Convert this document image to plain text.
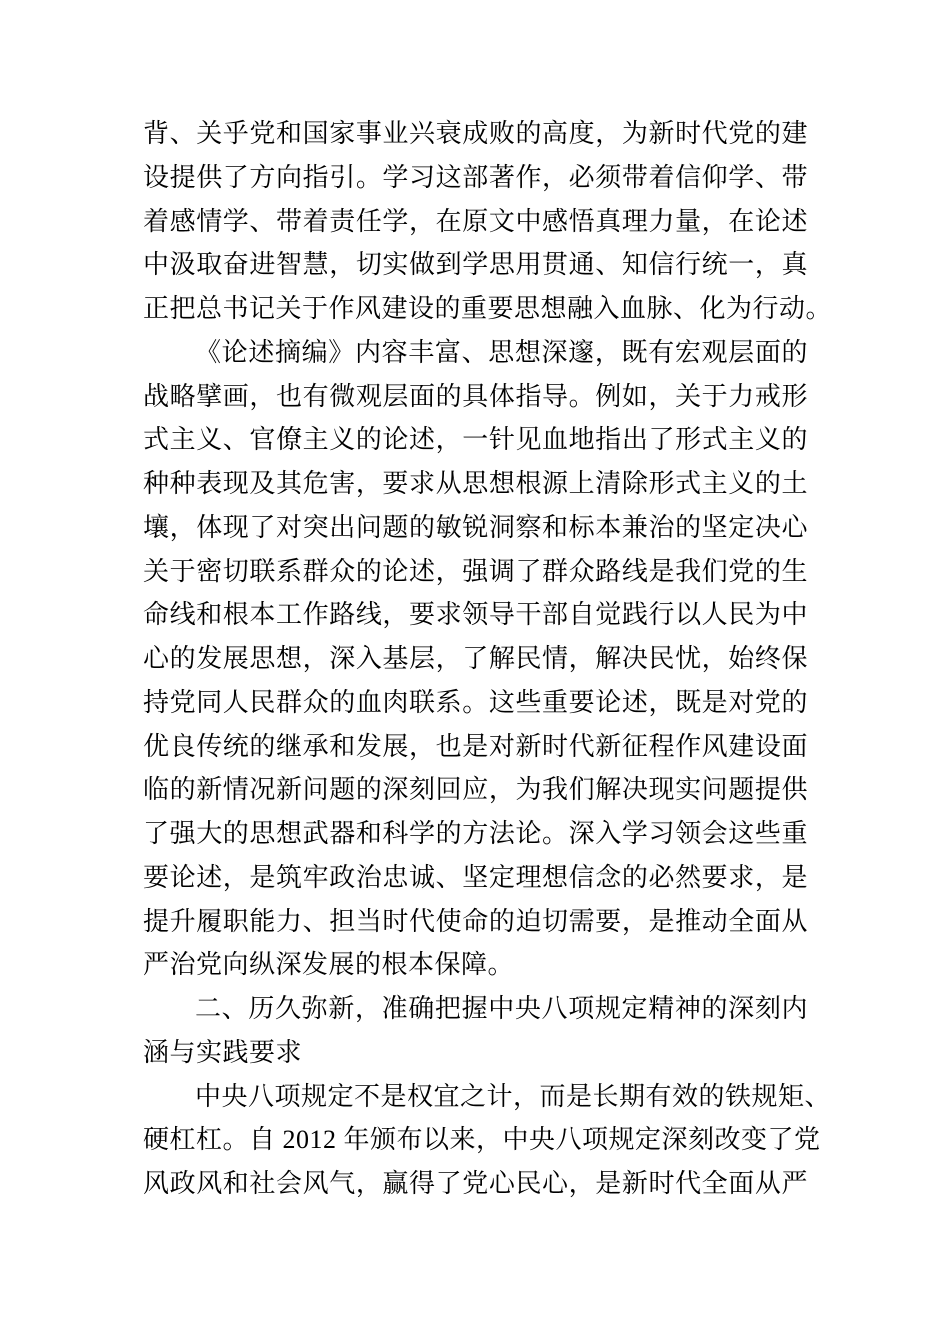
背、关乎党和国家事业兴衰成败的高度，为新时代党的建
设提供了方向指引。学习这部著作，必须带着信仰学、带
着感情学、带着责任学，在原文中感悟真理力量，在论述
中汲取奋进智慧，切实做到学思用贯通、知信行统一，真
正把总书记关于作风建设的重要思想融入血脉、化为行动。
《论述摘编》内容丰富、思想深邃，既有宏观层面的
战略擘画，也有微观层面的具体指导。例如，关于力戒形
式主义、官僚主义的论述，一针见血地指出了形式主义的
种种表现及其危害，要求从思想根源上清除形式主义的土
壤，体现了对突出问题的敏锐洞察和标本兼治的坚定决心
关于密切联系群众的论述，强调了群众路线是我们党的生
命线和根本工作路线，要求领导干部自觉践行以人民为中
心的发展思想，深入基层，了解民情，解决民忧，始终保
持党同人民群众的血肉联系。这些重要论述，既是对党的
优良传统的继承和发展，也是对新时代新征程作风建设面
临的新情况新问题的深刻回应，为我们解决现实问题提供
了强大的思想武器和科学的方法论。深入学习领会这些重
要论述，是筑牢政治忠诚、坚定理想信念的必然要求，是
提升履职能力、担当时代使命的迫切需要，是推动全面从
严治党向纵深发展的根本保障。
二、历久弥新，准确把握中央八项规定精神的深刻内
涵与实践要求
中央八项规定不是权宜之计，而是长期有效的铁规矩、
硬杠杠。自 2012 年颁布以来，中央八项规定深刻改变了党
风政风和社会风气，赢得了党心民心，是新时代全面从严
